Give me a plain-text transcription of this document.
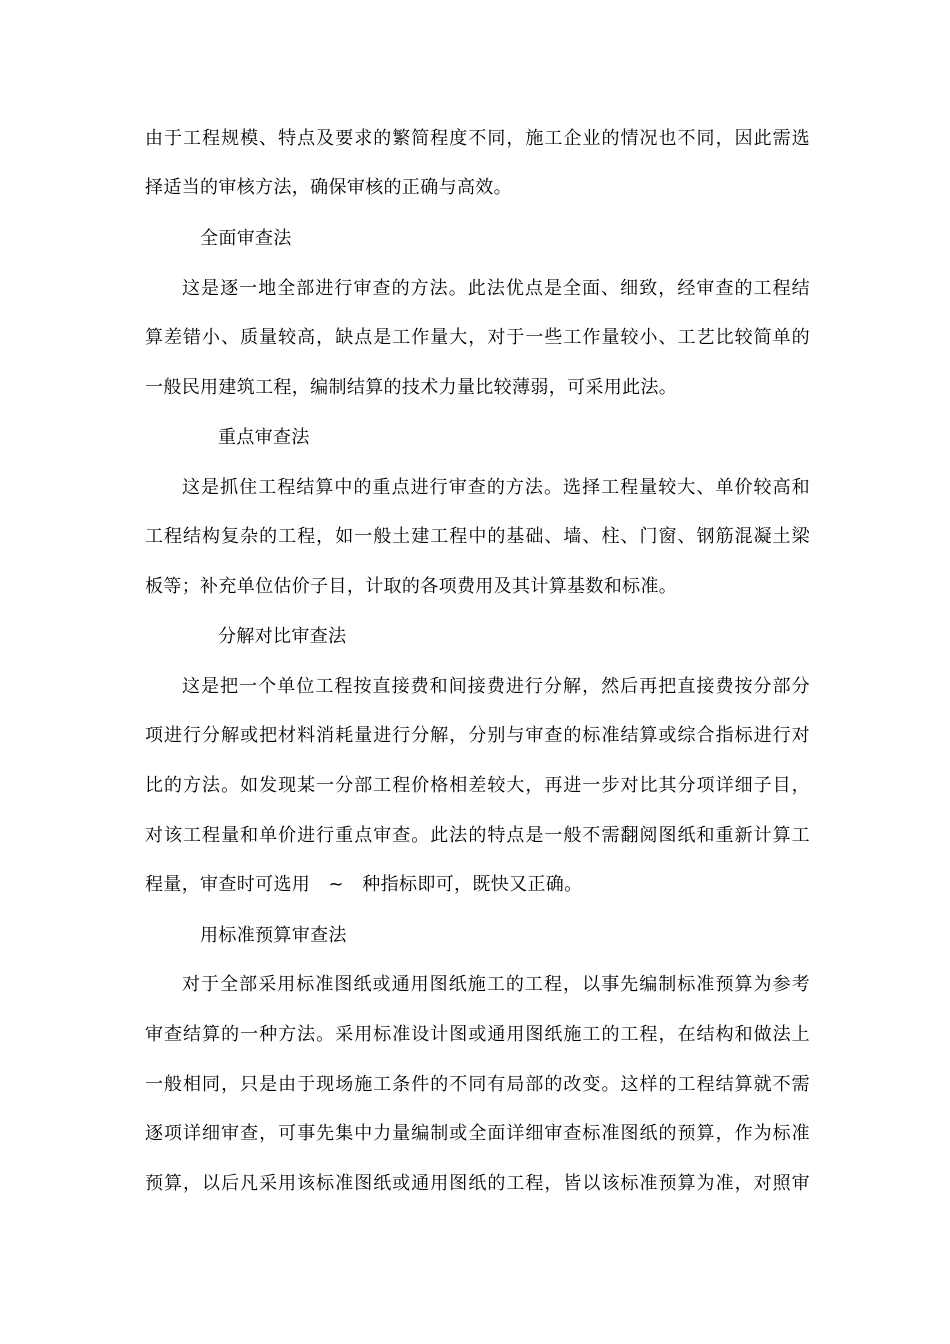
由于工程规模、特点及要求的繁简程度不同，施工企业的情况也不同，因此需选
择适当的审核方法，确保审核的正确与高效。
全面审查法
这是逐一地全部进行审查的方法。此法优点是全面、细致，经审查的工程结
算差错小、质量较高，缺点是工作量大，对于一些工作量较小、工艺比较简单的
一般民用建筑工程，编制结算的技术力量比较薄弱，可采用此法。
重点审查法
这是抓住工程结算中的重点进行审查的方法。选择工程量较大、单价较高和
工程结构复杂的工程，如一般土建工程中的基础、墙、柱、门窗、钢筋混凝土梁
板等；补充单位估价子目，计取的各项费用及其计算基数和标准。
分解对比审查法
这是把一个单位工程按直接费和间接费进行分解，然后再把直接费按分部分
项进行分解或把材料消耗量进行分解，分别与审查的标准结算或综合指标进行对
比的方法。如发现某一分部工程价格相差较大，再进一步对比其分项详细子目，
对该工程量和单价进行重点审查。此法的特点是一般不需翻阅图纸和重新计算工
程量，审查时可选用　~　种指标即可，既快又正确。
用标准预算审查法
对于全部采用标准图纸或通用图纸施工的工程，以事先编制标准预算为参考
审查结算的一种方法。采用标准设计图或通用图纸施工的工程，在结构和做法上
一般相同，只是由于现场施工条件的不同有局部的改变。这样的工程结算就不需
逐项详细审查，可事先集中力量编制或全面详细审查标准图纸的预算，作为标准
预算，以后凡采用该标准图纸或通用图纸的工程，皆以该标准预算为准，对照审
